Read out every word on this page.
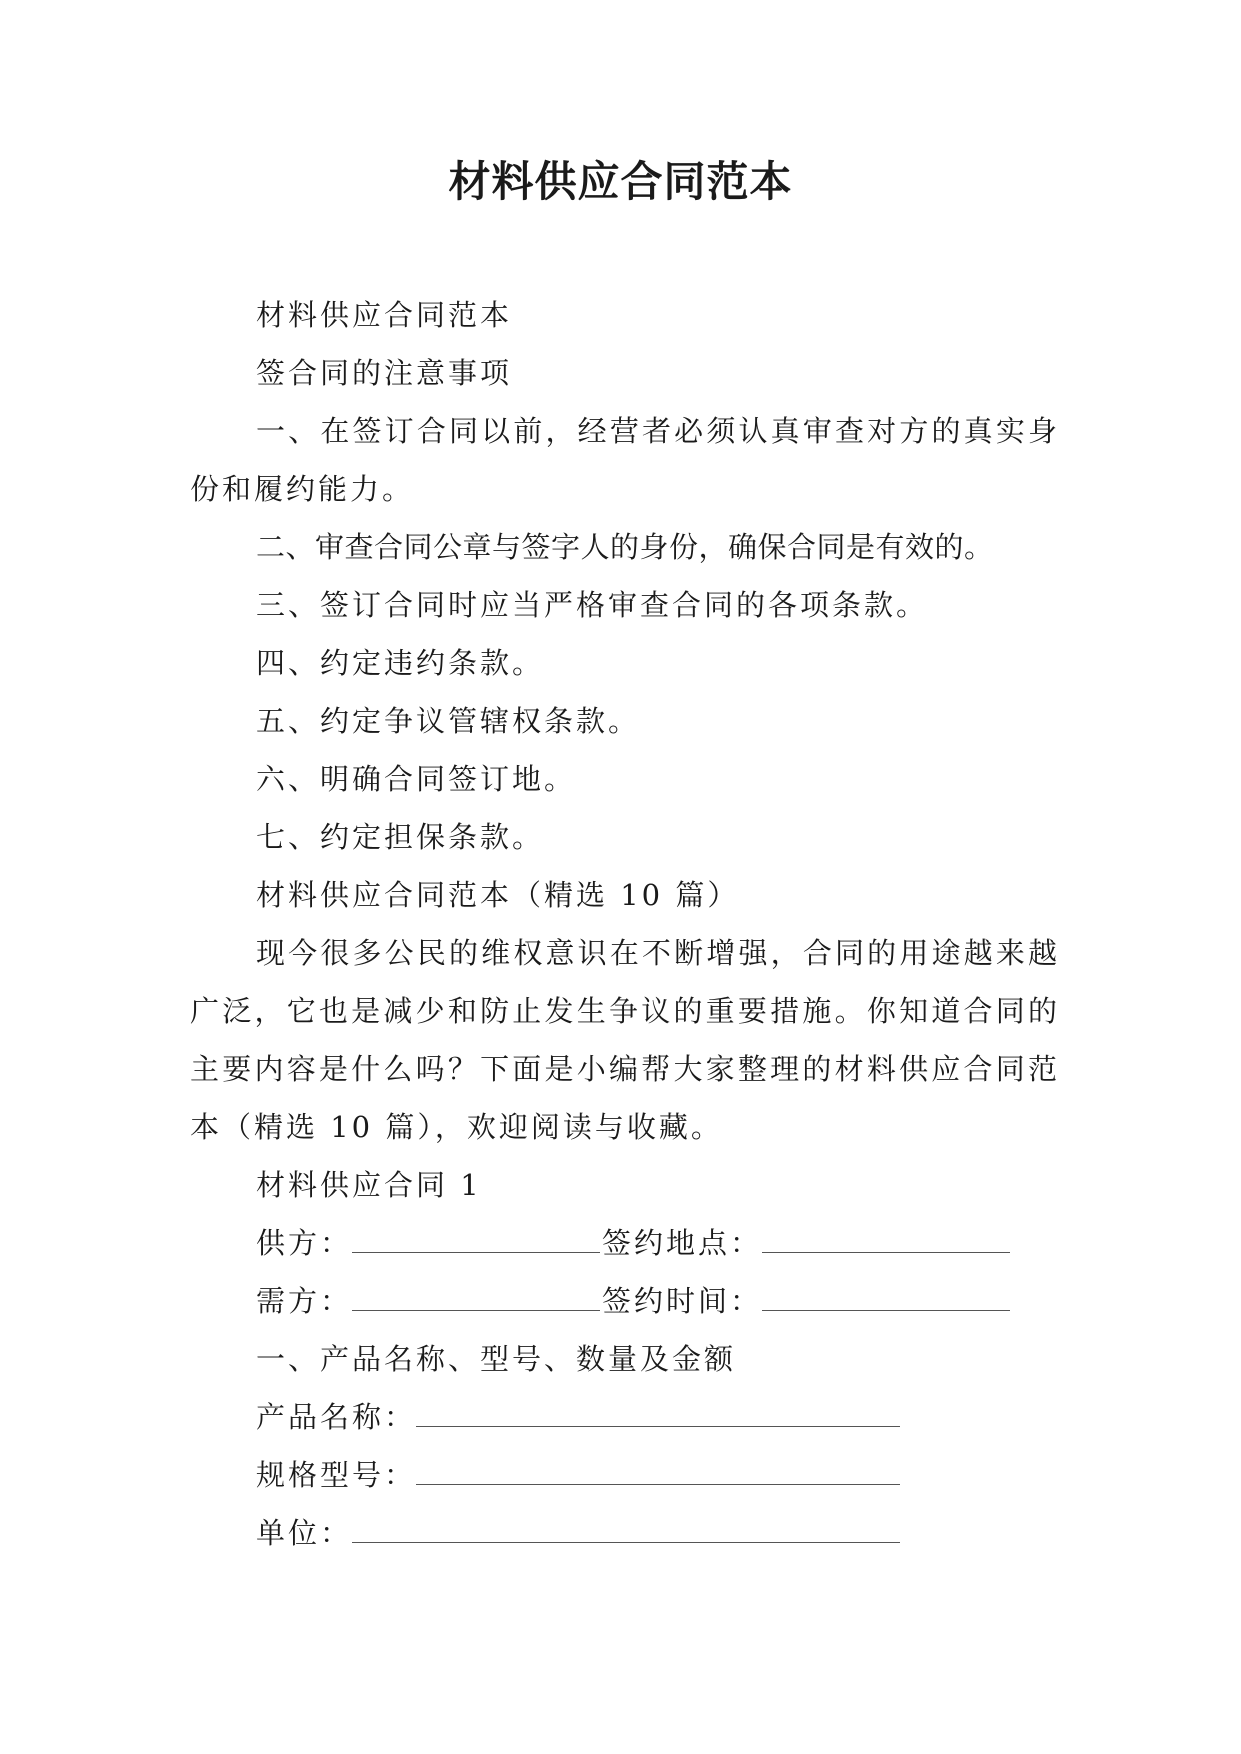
材料供应合同范本

材料供应合同范本

签合同的注意事项

一、在签订合同以前，经营者必须认真审查对方的真实身份和履约能力。

二、审查合同公章与签字人的身份，确保合同是有效的。

三、签订合同时应当严格审查合同的各项条款。

四、约定违约条款。

五、约定争议管辖权条款。

六、明确合同签订地。

七、约定担保条款。

材料供应合同范本（精选 10 篇）

现今很多公民的维权意识在不断增强，合同的用途越来越广泛，它也是减少和防止发生争议的重要措施。你知道合同的主要内容是什么吗？下面是小编帮大家整理的材料供应合同范本（精选 10 篇），欢迎阅读与收藏。

材料供应合同 1

供方：	签约地点：

需方：	签约时间：

一、产品名称、型号、数量及金额

产品名称：

规格型号：

单位：
